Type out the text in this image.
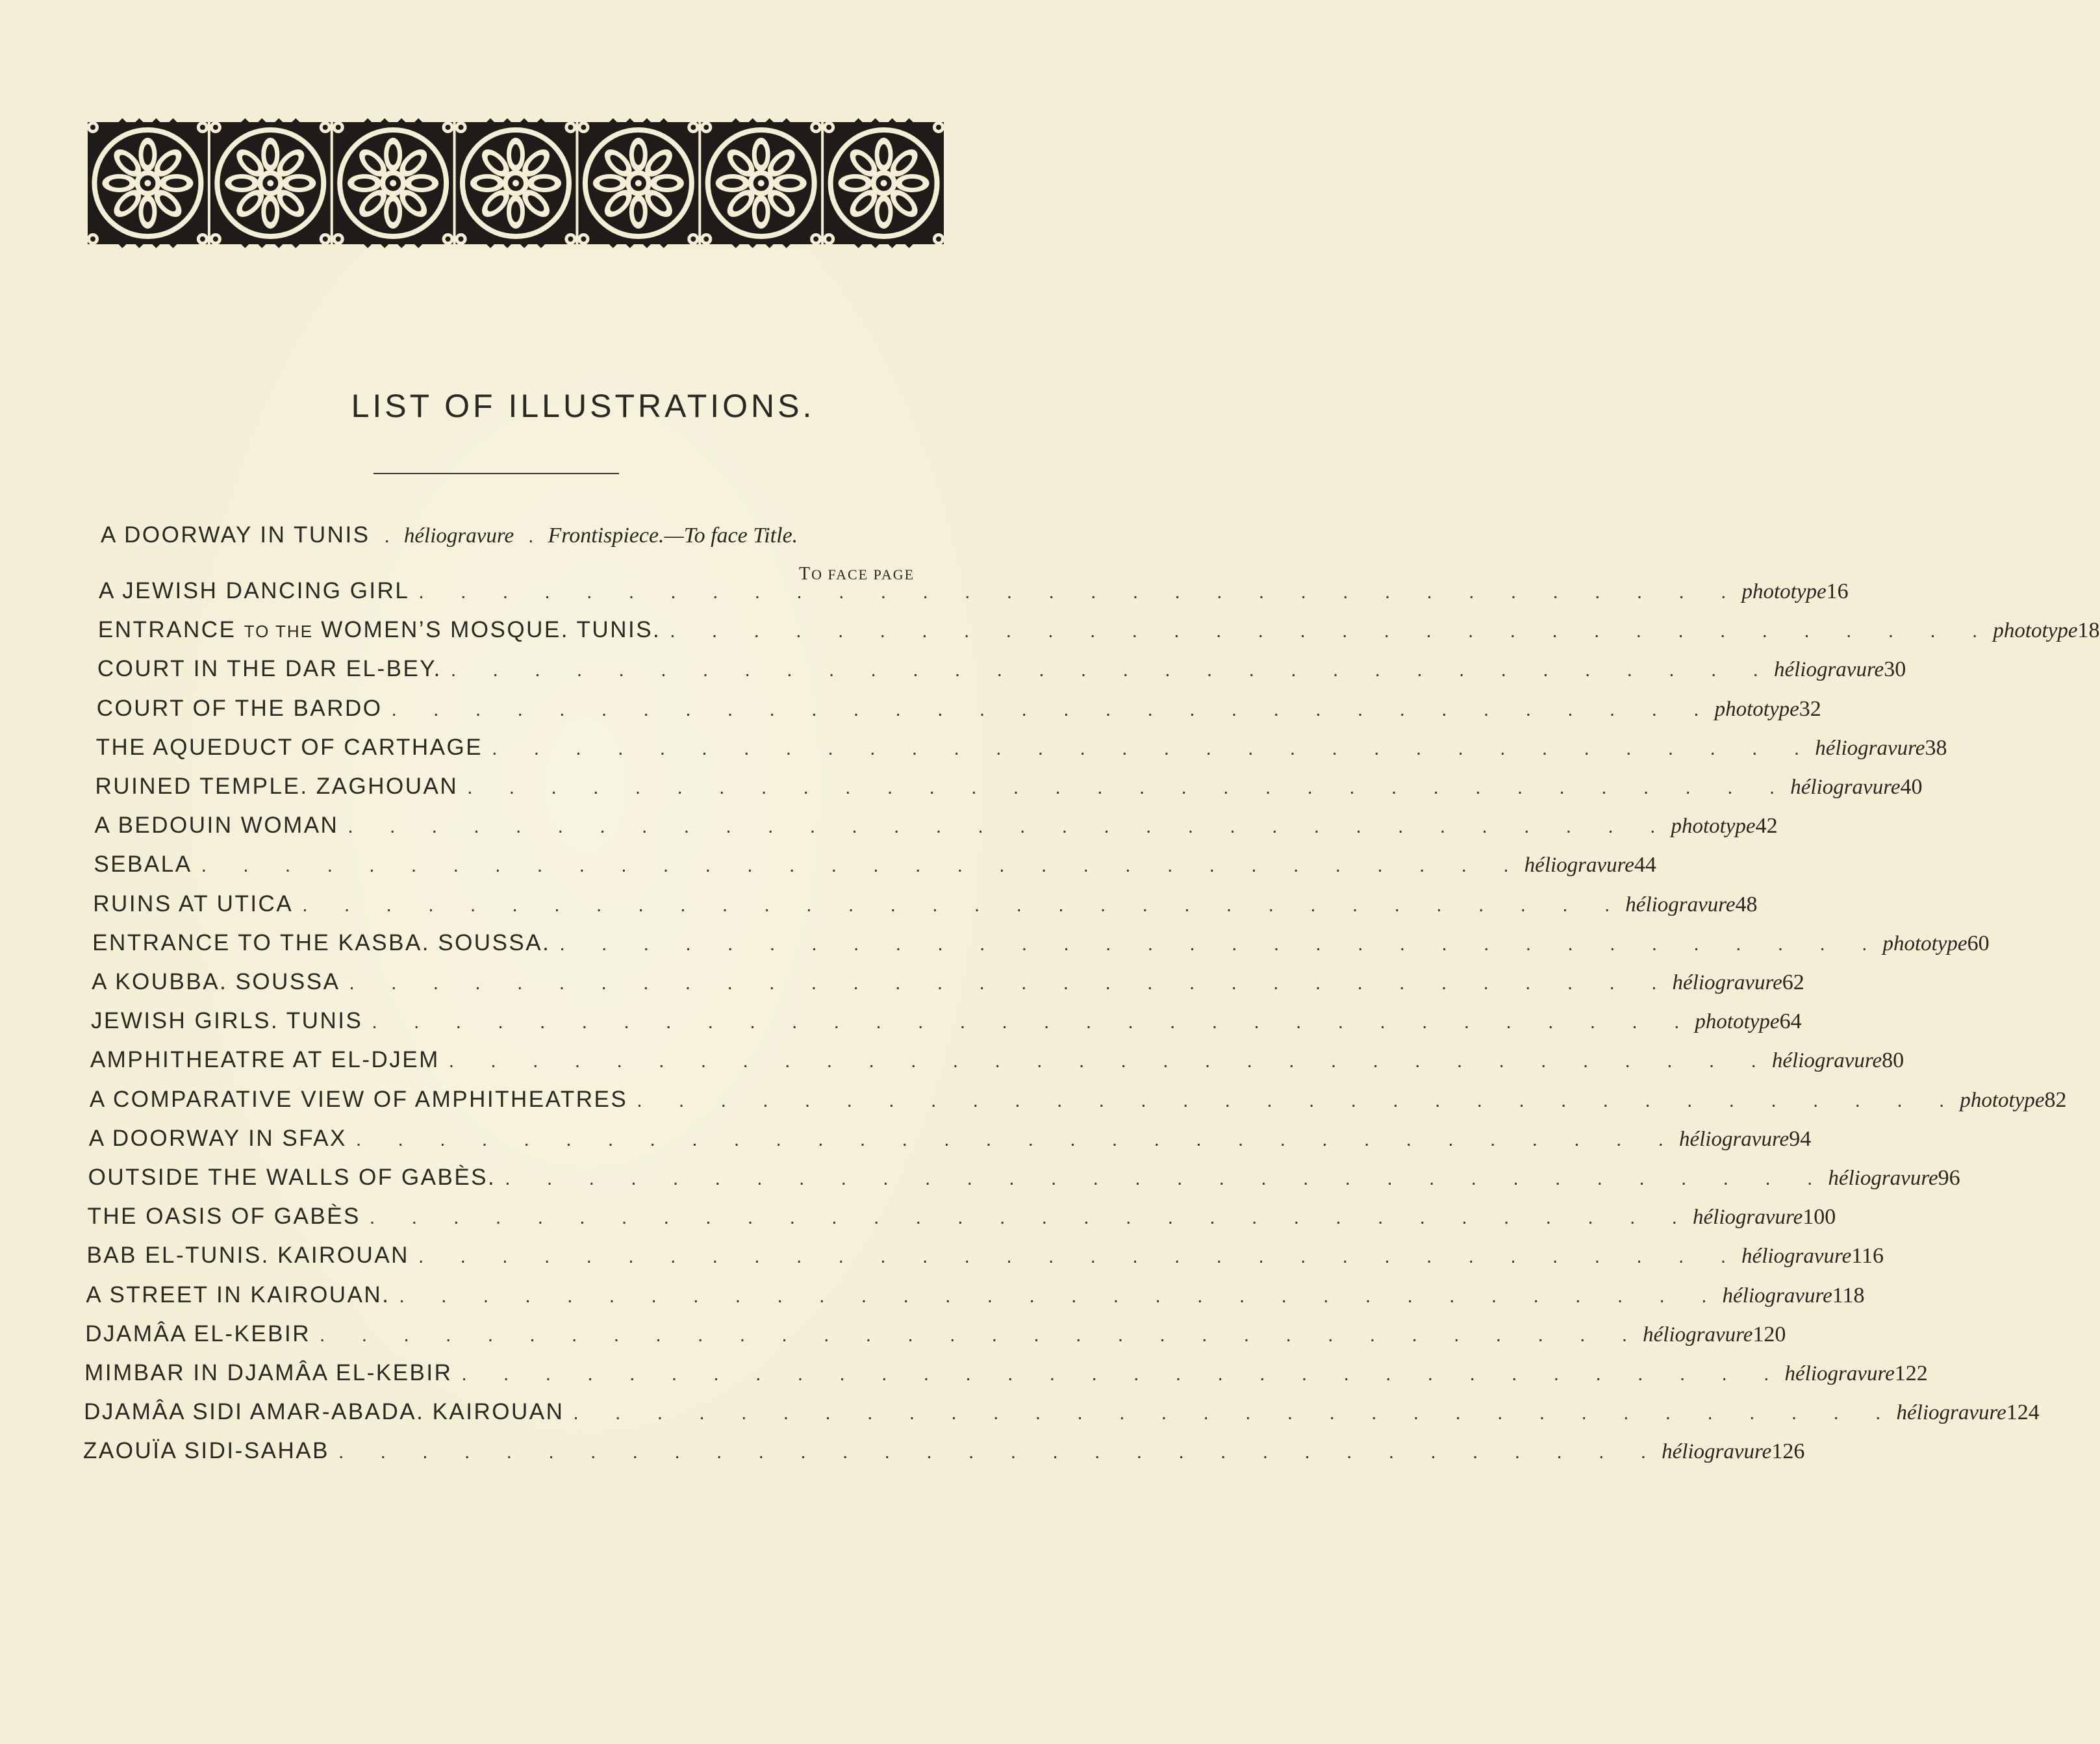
LIST OF ILLUSTRATIONS.
A DOORWAY IN TUNIS . héliogravure . Frontispiece.—To face Title.
TO FACE PAGE
A JEWISH DANCING GIRL . . . . . . . . . . . . . . . . . . . . . . . . . . . . . . . . phototype 16
ENTRANCE TO THE WOMEN’S MOSQUE. TUNIS. . . . . . . . . . . . . . . . . . . . . . . . . . . . . . . . . phototype 18
COURT IN THE DAR EL-BEY. . . . . . . . . . . . . . . . . . . . . . . . . . . . . . . . . héliogravure 30
COURT OF THE BARDO . . . . . . . . . . . . . . . . . . . . . . . . . . . . . . . . phototype 32
THE AQUEDUCT OF CARTHAGE . . . . . . . . . . . . . . . . . . . . . . . . . . . . . . . . héliogravure 38
RUINED TEMPLE. ZAGHOUAN . . . . . . . . . . . . . . . . . . . . . . . . . . . . . . . . héliogravure 40
A BEDOUIN WOMAN . . . . . . . . . . . . . . . . . . . . . . . . . . . . . . . . phototype 42
SEBALA . . . . . . . . . . . . . . . . . . . . . . . . . . . . . . . . héliogravure 44
RUINS AT UTICA . . . . . . . . . . . . . . . . . . . . . . . . . . . . . . . . héliogravure 48
ENTRANCE TO THE KASBA. SOUSSA. . . . . . . . . . . . . . . . . . . . . . . . . . . . . . . . . phototype 60
A KOUBBA. SOUSSA . . . . . . . . . . . . . . . . . . . . . . . . . . . . . . . . héliogravure 62
JEWISH GIRLS. TUNIS . . . . . . . . . . . . . . . . . . . . . . . . . . . . . . . . phototype 64
AMPHITHEATRE AT EL-DJEM . . . . . . . . . . . . . . . . . . . . . . . . . . . . . . . . héliogravure 80
A COMPARATIVE VIEW OF AMPHITHEATRES . . . . . . . . . . . . . . . . . . . . . . . . . . . . . . . . phototype 82
A DOORWAY IN SFAX . . . . . . . . . . . . . . . . . . . . . . . . . . . . . . . . héliogravure 94
OUTSIDE THE WALLS OF GABÈS. . . . . . . . . . . . . . . . . . . . . . . . . . . . . . . . . héliogravure 96
THE OASIS OF GABÈS . . . . . . . . . . . . . . . . . . . . . . . . . . . . . . . . héliogravure 100
BAB EL-TUNIS. KAIROUAN . . . . . . . . . . . . . . . . . . . . . . . . . . . . . . . . héliogravure 116
A STREET IN KAIROUAN. . . . . . . . . . . . . . . . . . . . . . . . . . . . . . . . . héliogravure 118
DJAMÂA EL-KEBIR . . . . . . . . . . . . . . . . . . . . . . . . . . . . . . . . héliogravure 120
MIMBAR IN DJAMÂA EL-KEBIR . . . . . . . . . . . . . . . . . . . . . . . . . . . . . . . . héliogravure 122
DJAMÂA SIDI AMAR-ABADA. KAIROUAN . . . . . . . . . . . . . . . . . . . . . . . . . . . . . . . . héliogravure 124
ZAOUÏA SIDI-SAHAB . . . . . . . . . . . . . . . . . . . . . . . . . . . . . . . . héliogravure 126
